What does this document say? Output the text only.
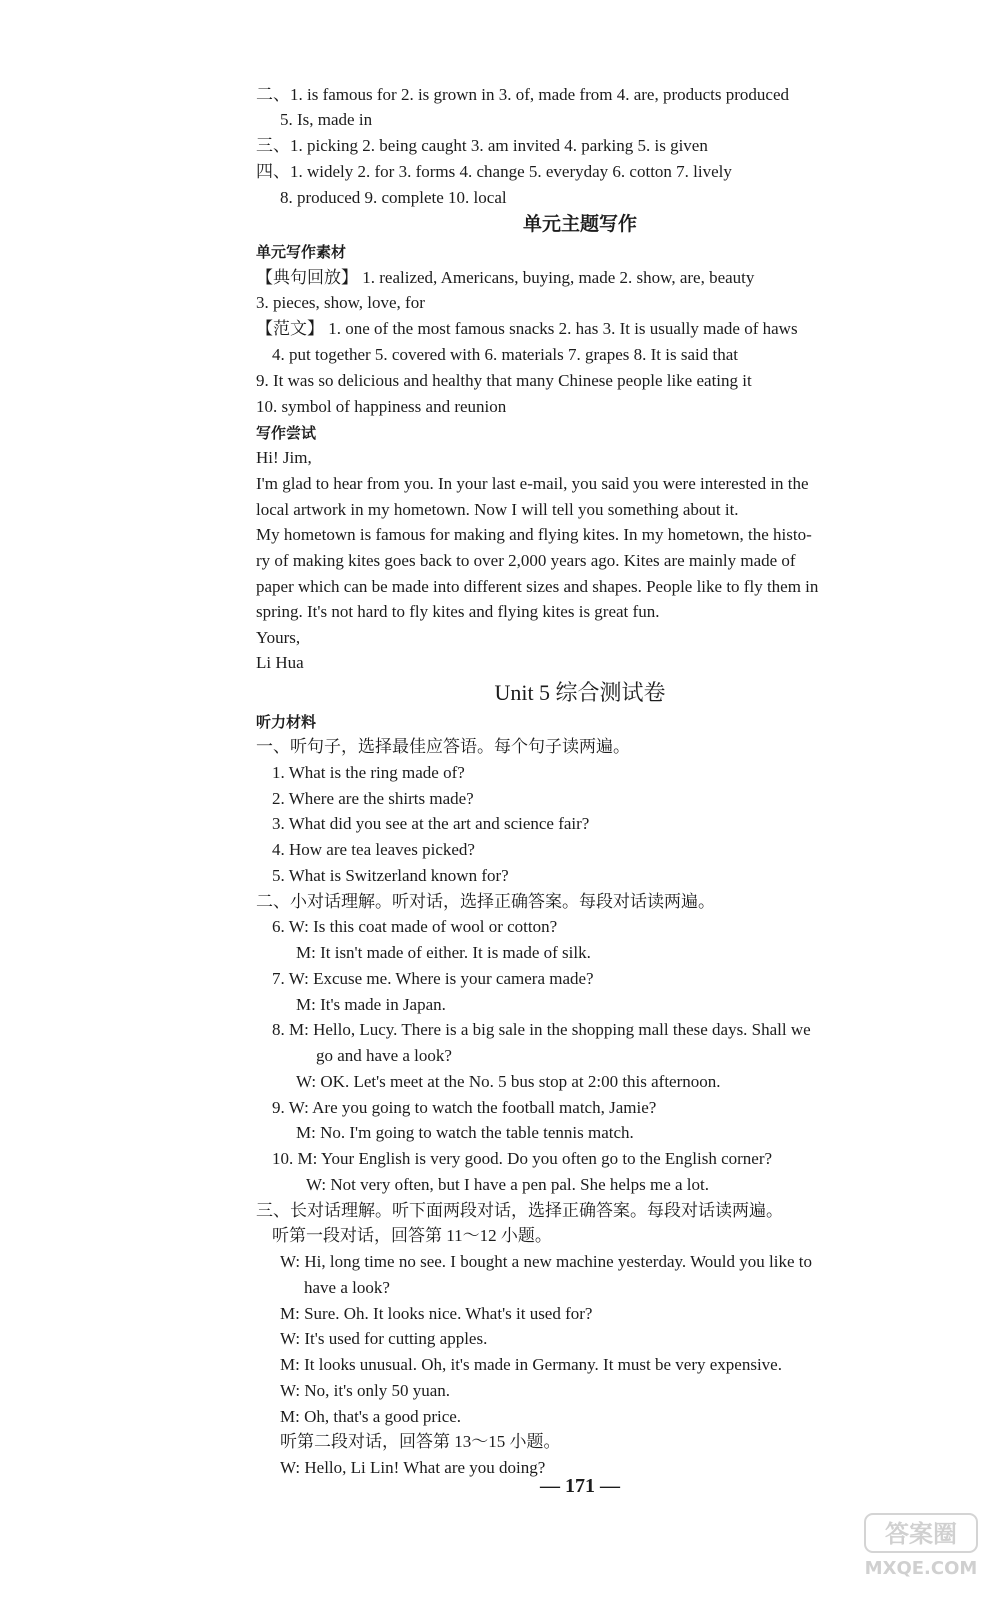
二、1. is famous for 2. is grown in 3. of, made from 4. are, products produced
5. Is, made in
三、1. picking 2. being caught 3. am invited 4. parking 5. is given
四、1. widely 2. for 3. forms 4. change 5. everyday 6. cotton 7. lively
8. produced 9. complete 10. local
单元主题写作
单元写作素材
【典句回放】 1. realized, Americans, buying, made 2. show, are, beauty
3. pieces, show, love, for
【范文】 1. one of the most famous snacks 2. has 3. It is usually made of haws
4. put together 5. covered with 6. materials 7. grapes 8. It is said that
9. It was so delicious and healthy that many Chinese people like eating it
10. symbol of happiness and reunion
写作尝试
Hi! Jim,
I'm glad to hear from you. In your last e-mail, you said you were interested in the
local artwork in my hometown. Now I will tell you something about it.
My hometown is famous for making and flying kites. In my hometown, the histo-
ry of making kites goes back to over 2,000 years ago. Kites are mainly made of
paper which can be made into different sizes and shapes. People like to fly them in
spring. It's not hard to fly kites and flying kites is great fun.
Yours,
Li Hua
Unit 5 综合测试卷
听力材料
一、听句子，选择最佳应答语。每个句子读两遍。
1. What is the ring made of?
2. Where are the shirts made?
3. What did you see at the art and science fair?
4. How are tea leaves picked?
5. What is Switzerland known for?
二、小对话理解。听对话，选择正确答案。每段对话读两遍。
6. W: Is this coat made of wool or cotton?
M: It isn't made of either. It is made of silk.
7. W: Excuse me. Where is your camera made?
M: It's made in Japan.
8. M: Hello, Lucy. There is a big sale in the shopping mall these days. Shall we
go and have a look?
W: OK. Let's meet at the No. 5 bus stop at 2:00 this afternoon.
9. W: Are you going to watch the football match, Jamie?
M: No. I'm going to watch the table tennis match.
10. M: Your English is very good. Do you often go to the English corner?
W: Not very often, but I have a pen pal. She helps me a lot.
三、长对话理解。听下面两段对话，选择正确答案。每段对话读两遍。
听第一段对话，回答第 11～12 小题。
W: Hi, long time no see. I bought a new machine yesterday. Would you like to
have a look?
M: Sure. Oh. It looks nice. What's it used for?
W: It's used for cutting apples.
M: It looks unusual. Oh, it's made in Germany. It must be very expensive.
W: No, it's only 50 yuan.
M: Oh, that's a good price.
听第二段对话，回答第 13～15 小题。
W: Hello, Li Lin! What are you doing?
— 171 —
答案圈
MXQE.COM
